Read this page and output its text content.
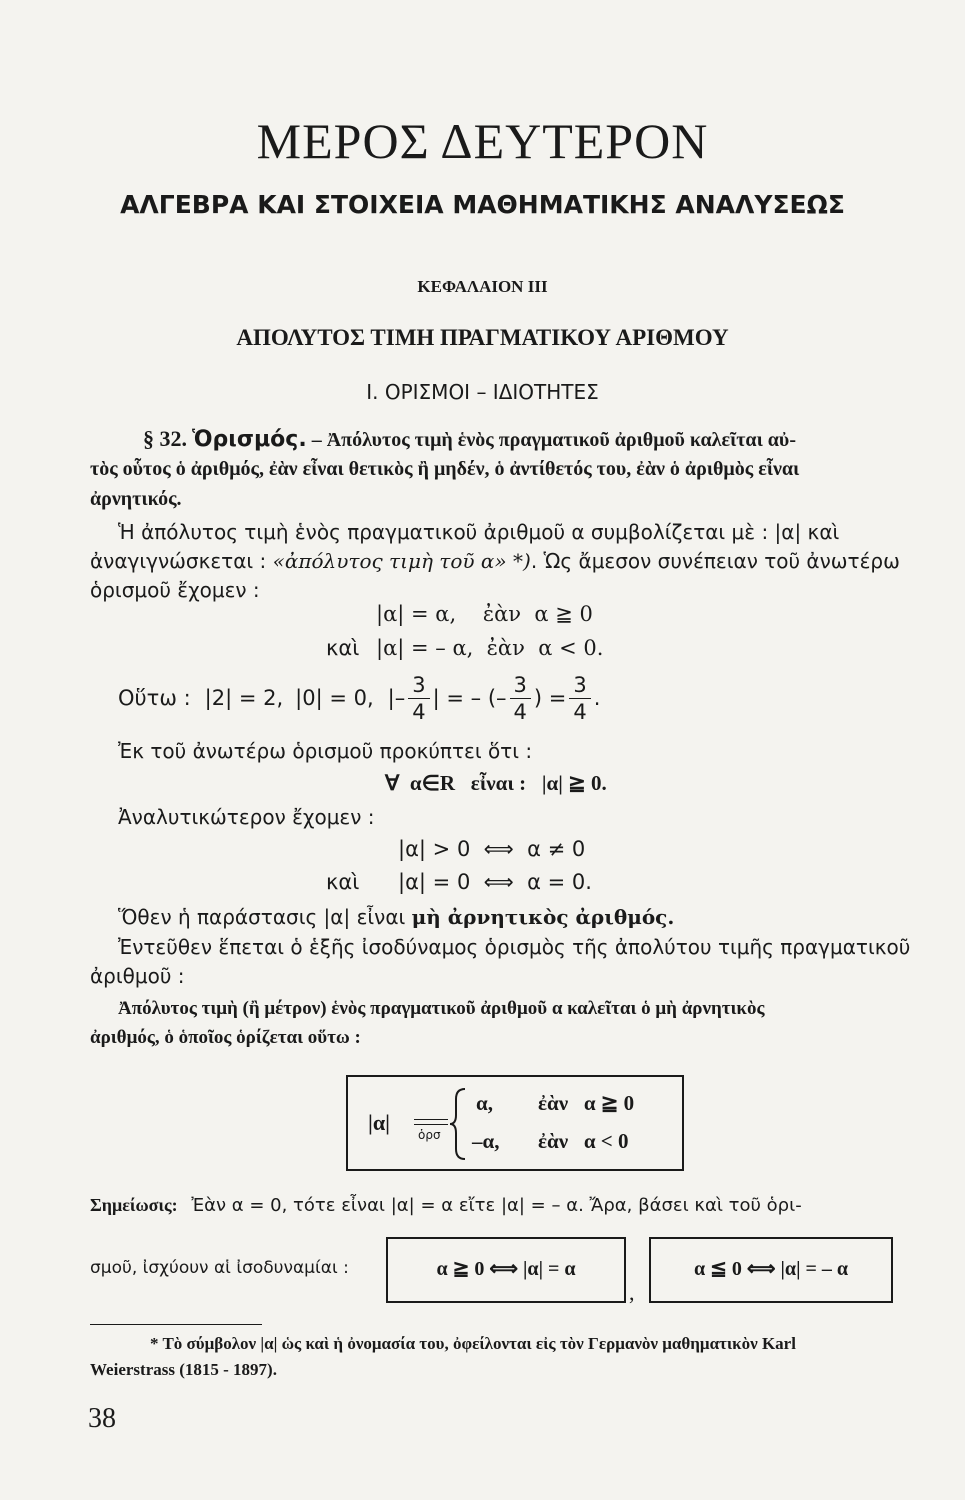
ΜΕΡΟΣ ΔΕΥΤΕΡΟΝ
ΑΛΓΕΒΡΑ ΚΑΙ ΣΤΟΙΧΕΙΑ ΜΑΘΗΜΑΤΙΚΗΣ ΑΝΑΛΥΣΕΩΣ
ΚΕΦΑΛΑΙΟΝ ΙΙΙ
ΑΠΟΛΥΤΟΣ ΤΙΜΗ ΠΡΑΓΜΑΤΙΚΟΥ ΑΡΙΘΜΟΥ
Ι. ΟΡΙΣΜΟΙ – ΙΔΙΟΤΗΤΕΣ
§ 32. Ὁρισμός. – Ἀπόλυτος τιμὴ ἑνὸς πραγματικοῦ ἀριθμοῦ καλεῖται αὐ-
τὸς οὗτος ὁ ἀριθμός, ἐὰν εἶναι θετικὸς ἢ μηδέν, ὁ ἀντίθετός του, ἐὰν ὁ ἀριθμὸς εἶναι
ἀρνητικός.
Ἡ ἀπόλυτος τιμὴ ἑνὸς πραγματικοῦ ἀριθμοῦ α συμβολίζεται μὲ : |α| καὶ
ἀναγιγνώσκεται : «ἀπόλυτος τιμὴ τοῦ α» *). Ὡς ἄμεσον συνέπειαν τοῦ ἀνωτέρω
ὁρισμοῦ ἔχομεν :
|α| = α,    ἐὰν  α ≧ 0
καὶ |α| = – α,  ἐὰν  α < 0.
Οὕτω : |2| = 2, |0| = 0, |– $\frac{3}{4}$ | = – (– $\frac{3}{4}$ ) = $\frac{3}{4}$ .
Ἐκ τοῦ ἀνωτέρω ὁρισμοῦ προκύπτει ὅτι :
∀  α∈R   εἶναι :   |α| ≧ 0.
Ἀναλυτικώτερον ἔχομεν :
|α| > 0  ⟺  α ≠ 0
καὶ |α| = 0  ⟺  α = 0.
Ὅθεν ἡ παράστασις |α| εἶναι μὴ ἀρνητικὸς ἀριθμός.
Ἐντεῦθεν ἕπεται ὁ ἑξῆς ἰσοδύναμος ὁρισμὸς τῆς ἀπολύτου τιμῆς πραγματικοῦ
ἀριθμοῦ :
Ἀπόλυτος τιμὴ (ἢ μέτρον) ἑνὸς πραγματικοῦ ἀριθμοῦ α καλεῖται ὁ μὴ ἀρνητικὸς
ἀριθμός, ὁ ὁποῖος ὁρίζεται οὕτω :
|α| ὁρσ
α, ἐὰν   α ≧ 0
–α, ἐὰν   α < 0
Σημείωσις: Ἐὰν α = 0, τότε εἶναι |α| = α εἴτε |α| = – α. Ἄρα, βάσει καὶ τοῦ ὁρι-
σμοῦ, ἰσχύουν αἱ ἰσοδυναμίαι :	α ≧ 0 ⟺ |α| = α
,
α ≦ 0 ⟺ |α| = – α
* Τὸ σύμβολον |α| ὡς καὶ ἡ ὀνομασία του, ὀφείλονται εἰς τὸν Γερμανὸν μαθηματικὸν Karl
Weierstrass (1815 - 1897).
38
